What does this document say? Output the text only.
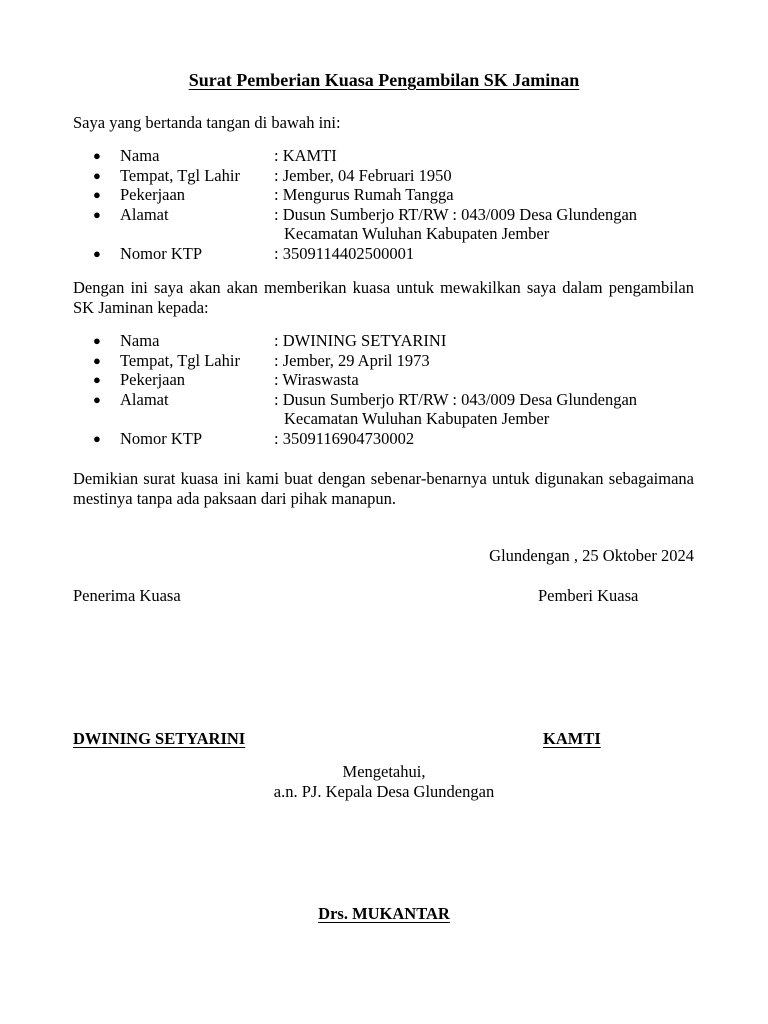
Surat Pemberian Kuasa Pengambilan SK Jaminan
Saya yang bertanda tangan di bawah ini:
●	Nama	: KAMTI
●	Tempat, Tgl Lahir	: Jember, 04 Februari 1950
●	Pekerjaan	: Mengurus Rumah Tangga
●	Alamat	: Dusun Sumberjo RT/RW : 043/009 Desa Glundengan
Kecamatan Wuluhan Kabupaten Jember
●	Nomor KTP	: 3509114402500001
Dengan ini saya akan akan memberikan kuasa untuk mewakilkan saya dalam pengambilan SK Jaminan kepada:
●	Nama	: DWINING SETYARINI
●	Tempat, Tgl Lahir	: Jember, 29 April 1973
●	Pekerjaan	: Wiraswasta
●	Alamat	: Dusun Sumberjo RT/RW : 043/009 Desa Glundengan
Kecamatan Wuluhan Kabupaten Jember
●	Nomor KTP	: 3509116904730002
Demikian surat kuasa ini kami buat dengan sebenar-benarnya untuk digunakan sebagaimana mestinya tanpa ada paksaan dari pihak manapun.
Glundengan , 25 Oktober 2024
Penerima Kuasa	Pemberi Kuasa
DWINING SETYARINI	KAMTI
Mengetahui,
a.n. PJ. Kepala Desa Glundengan
Drs. MUKANTAR
